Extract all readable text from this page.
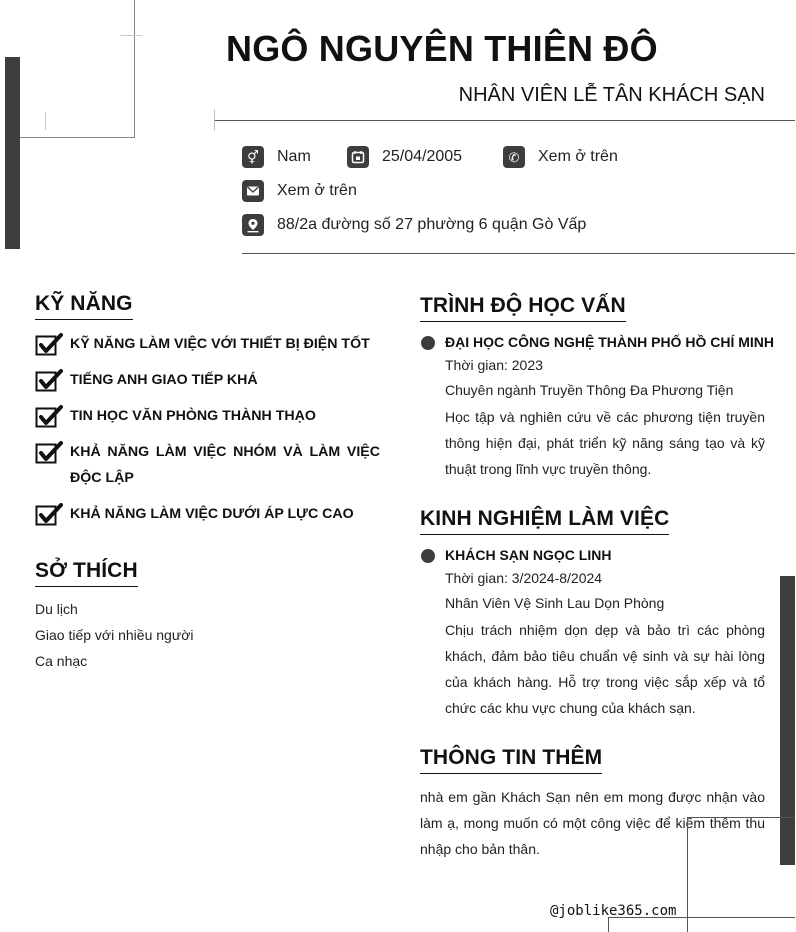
NGÔ NGUYÊN THIÊN ĐÔ
NHÂN VIÊN LỄ TÂN KHÁCH SẠN
⚥	Nam	25/04/2005	✆	Xem ở trên
Xem ở trên
88/2a đường số 27 phường 6 quận Gò Vấp
KỸ NĂNG
KỸ NĂNG LÀM VIỆC VỚI THIẾT BỊ ĐIỆN TỐT
TIẾNG ANH GIAO TIẾP KHÁ
TIN HỌC VĂN PHÒNG THÀNH THẠO
KHẢ NĂNG LÀM VIỆC NHÓM VÀ LÀM VIỆC ĐỘC LẬP
KHẢ NĂNG LÀM VIỆC DƯỚI ÁP LỰC CAO
SỞ THÍCH
Du lịch
Giao tiếp với nhiều người
Ca nhạc
TRÌNH ĐỘ HỌC VẤN
ĐẠI HỌC CÔNG NGHỆ THÀNH PHỐ HỒ CHÍ MINH
Thời gian: 2023
Chuyên ngành Truyền Thông Đa Phương Tiện
Học tập và nghiên cứu về các phương tiện truyền thông hiện đại, phát triển kỹ năng sáng tạo và kỹ thuật trong lĩnh vực truyền thông.
KINH NGHIỆM LÀM VIỆC
KHÁCH SẠN NGỌC LINH
Thời gian: 3/2024-8/2024
Nhân Viên Vệ Sinh Lau Dọn Phòng
Chịu trách nhiệm dọn dẹp và bảo trì các phòng khách, đảm bảo tiêu chuẩn vệ sinh và sự hài lòng của khách hàng. Hỗ trợ trong việc sắp xếp và tổ chức các khu vực chung của khách sạn.
THÔNG TIN THÊM
nhà em gần Khách Sạn nên em mong được nhận vào làm ạ, mong muốn có một công việc để kiếm thêm thu nhập cho bản thân.
@joblike365.com
